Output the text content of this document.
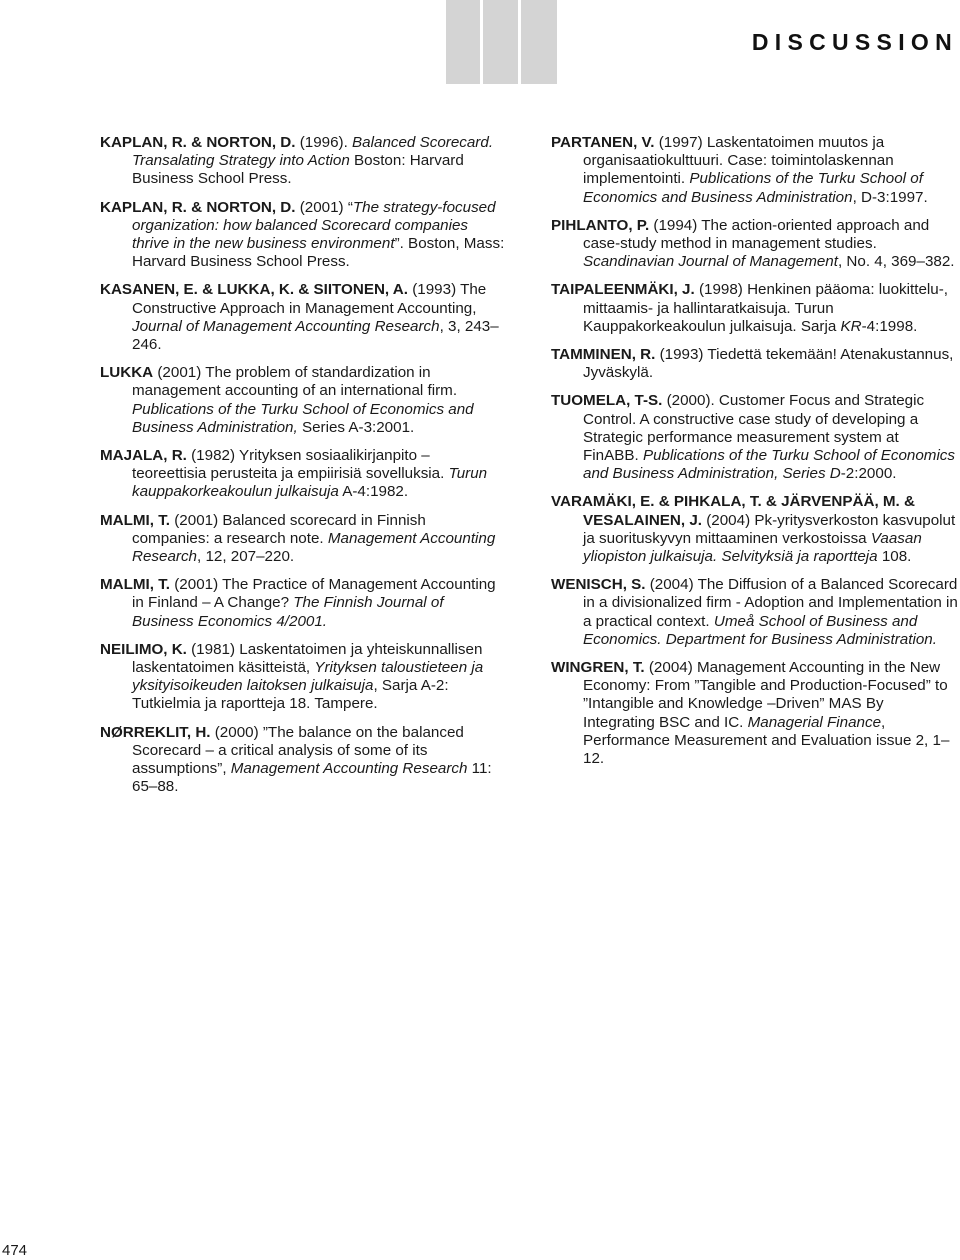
DISCUSSION

KAPLAN, R. & NORTON, D. (1996). Balanced Scorecard. Transalating Strategy into Action Boston: Harvard Business School Press.

KAPLAN, R. & NORTON, D. (2001) “The strategy-focused organization: how balanced Scorecard companies thrive in the new business environment”. Boston, Mass: Harvard Business School Press.

KASANEN, E. & LUKKA, K. & SIITONEN, A. (1993) The Constructive Approach in Management Accounting, Journal of Management Accounting Research, 3, 243–246.

LUKKA (2001) The problem of standardization in management accounting of an international firm. Publications of the Turku School of Economics and Business Administration, Series A-3:2001.

MAJALA, R. (1982) Yrityksen sosiaalikirjanpito – teoreettisia perusteita ja empiirisiä sovelluksia. Turun kauppakorkeakoulun julkaisuja A-4:1982.

MALMI, T. (2001) Balanced scorecard in Finnish companies: a research note. Management Accounting Research, 12, 207–220.

MALMI, T. (2001) The Practice of Management Accounting in Finland – A Change? The Finnish Journal of Business Economics 4/2001.

NEILIMO, K. (1981) Laskentatoimen ja yhteiskunnallisen laskentatoimen käsitteistä, Yrityksen taloustieteen ja yksityisoikeuden laitoksen julkaisuja, Sarja A-2: Tutkielmia ja raportteja 18. Tampere.

NØRREKLIT, H. (2000) ”The balance on the balanced Scorecard – a critical analysis of some of its assumptions”, Management Accounting Research 11: 65–88.

PARTANEN, V. (1997) Laskentatoimen muutos ja organisaatiokulttuuri. Case: toimintolaskennan implementointi. Publications of the Turku School of Economics and Business Administration, D-3:1997.

PIHLANTO, P. (1994) The action-oriented approach and case-study method in management studies. Scandinavian Journal of Management, No. 4, 369–382.

TAIPALEENMÄKI, J. (1998) Henkinen pääoma: luokittelu-, mittaamis- ja hallintaratkaisuja. Turun Kauppakorkeakoulun julkaisuja. Sarja KR-4:1998.

TAMMINEN, R. (1993) Tiedettä tekemään! Atenakustannus, Jyväskylä.

TUOMELA, T-S. (2000). Customer Focus and Strategic Control. A constructive case study of developing a Strategic performance measurement system at FinABB. Publications of the Turku School of Economics and Business Administration, Series D-2:2000.

VARAMÄKI, E. & PIHKALA, T. & JÄRVENPÄÄ, M. & VESALAINEN, J. (2004) Pk-yritysverkoston kasvupolut ja suorituskyvyn mittaaminen verkostoissa Vaasan yliopiston julkaisuja. Selvityksiä ja raportteja 108.

WENISCH, S. (2004) The Diffusion of a Balanced Scorecard in a divisionalized firm - Adoption and Implementation in a practical context. Umeå School of Business and Economics. Department for Business Administration.

WINGREN, T. (2004) Management Accounting in the New Economy: From ”Tangible and Production-Focused” to ”Intangible and Knowledge –Driven” MAS By Integrating BSC and IC. Managerial Finance, Performance Measurement and Evaluation issue 2, 1–12.

474
